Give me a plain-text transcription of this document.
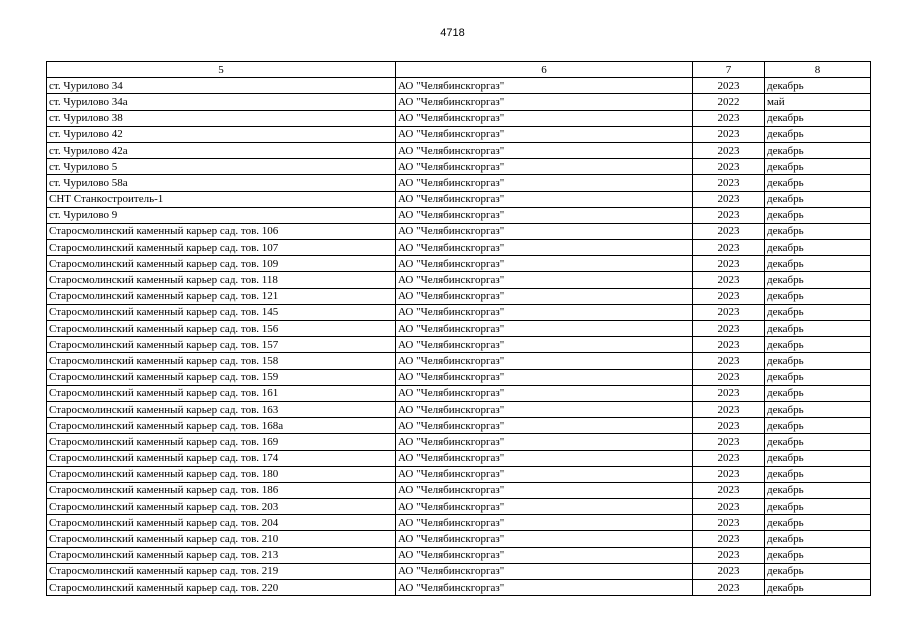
4718
5	6	7	8
ст. Чурилово 34	АО "Челябинскгоргаз"	2023	декабрь
ст. Чурилово 34а	АО "Челябинскгоргаз"	2022	май
ст. Чурилово 38	АО "Челябинскгоргаз"	2023	декабрь
ст. Чурилово 42	АО "Челябинскгоргаз"	2023	декабрь
ст. Чурилово 42а	АО "Челябинскгоргаз"	2023	декабрь
ст. Чурилово 5	АО "Челябинскгоргаз"	2023	декабрь
ст. Чурилово 58а	АО "Челябинскгоргаз"	2023	декабрь
СНТ Станкостроитель-1	АО "Челябинскгоргаз"	2023	декабрь
ст. Чурилово 9	АО "Челябинскгоргаз"	2023	декабрь
Старосмолинский каменный карьер сад. тов. 106	АО "Челябинскгоргаз"	2023	декабрь
Старосмолинский каменный карьер сад. тов. 107	АО "Челябинскгоргаз"	2023	декабрь
Старосмолинский каменный карьер сад. тов. 109	АО "Челябинскгоргаз"	2023	декабрь
Старосмолинский каменный карьер сад. тов. 118	АО "Челябинскгоргаз"	2023	декабрь
Старосмолинский каменный карьер сад. тов. 121	АО "Челябинскгоргаз"	2023	декабрь
Старосмолинский каменный карьер сад. тов. 145	АО "Челябинскгоргаз"	2023	декабрь
Старосмолинский каменный карьер сад. тов. 156	АО "Челябинскгоргаз"	2023	декабрь
Старосмолинский каменный карьер сад. тов. 157	АО "Челябинскгоргаз"	2023	декабрь
Старосмолинский каменный карьер сад. тов. 158	АО "Челябинскгоргаз"	2023	декабрь
Старосмолинский каменный карьер сад. тов. 159	АО "Челябинскгоргаз"	2023	декабрь
Старосмолинский каменный карьер сад. тов. 161	АО "Челябинскгоргаз"	2023	декабрь
Старосмолинский каменный карьер сад. тов. 163	АО "Челябинскгоргаз"	2023	декабрь
Старосмолинский каменный карьер сад. тов. 168а	АО "Челябинскгоргаз"	2023	декабрь
Старосмолинский каменный карьер сад. тов. 169	АО "Челябинскгоргаз"	2023	декабрь
Старосмолинский каменный карьер сад. тов. 174	АО "Челябинскгоргаз"	2023	декабрь
Старосмолинский каменный карьер сад. тов. 180	АО "Челябинскгоргаз"	2023	декабрь
Старосмолинский каменный карьер сад. тов. 186	АО "Челябинскгоргаз"	2023	декабрь
Старосмолинский каменный карьер сад. тов. 203	АО "Челябинскгоргаз"	2023	декабрь
Старосмолинский каменный карьер сад. тов. 204	АО "Челябинскгоргаз"	2023	декабрь
Старосмолинский каменный карьер сад. тов. 210	АО "Челябинскгоргаз"	2023	декабрь
Старосмолинский каменный карьер сад. тов. 213	АО "Челябинскгоргаз"	2023	декабрь
Старосмолинский каменный карьер сад. тов. 219	АО "Челябинскгоргаз"	2023	декабрь
Старосмолинский каменный карьер сад. тов. 220	АО "Челябинскгоргаз"	2023	декабрь
